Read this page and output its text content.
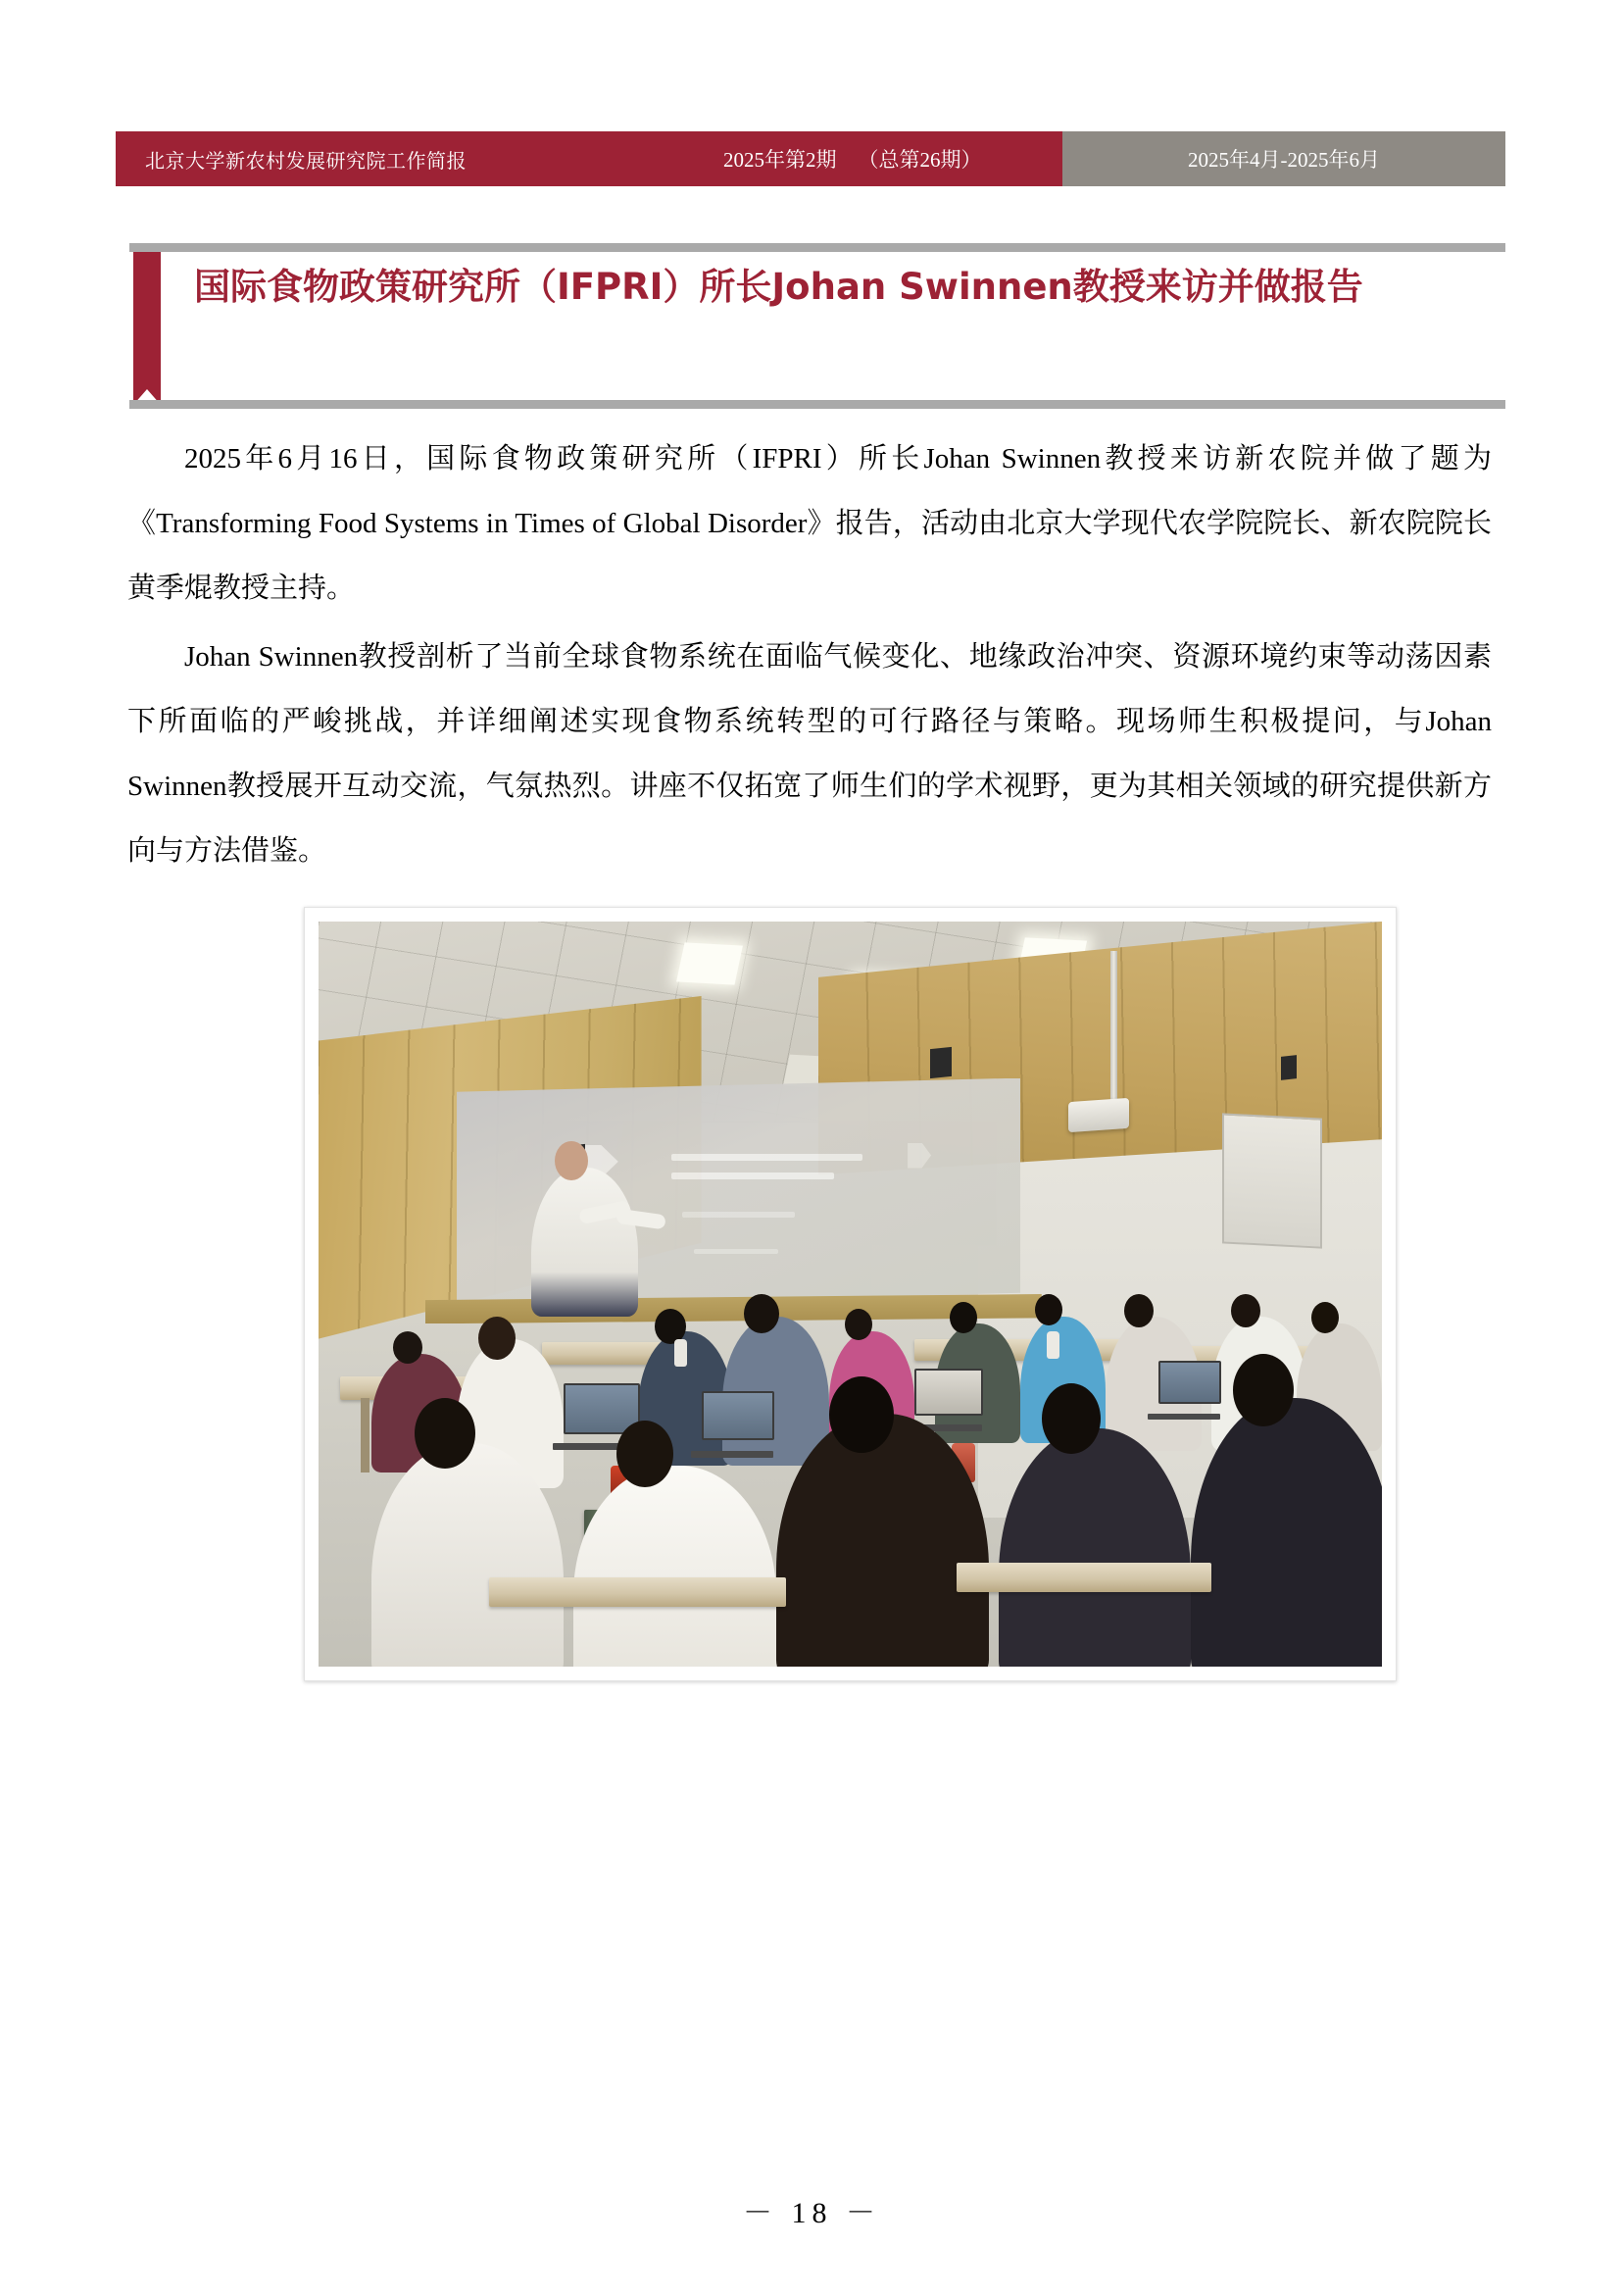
北京大学新农村发展研究院工作简报	2025年第2期 （总第26期）	2025年4月-2025年6月
国际食物政策研究所（IFPRI）所长Johan Swinnen教授来访并做报告

2025年6月16日，国际食物政策研究所（IFPRI）所长Johan Swinnen教授来访新农院并做了题为《Transforming Food Systems in Times of Global Disorder》报告，活动由北京大学现代农学院院长、新农院院长黄季焜教授主持。

Johan Swinnen教授剖析了当前全球食物系统在面临气候变化、地缘政治冲突、资源环境约束等动荡因素下所面临的严峻挑战，并详细阐述实现食物系统转型的可行路径与策略。现场师生积极提问，与Johan Swinnen教授展开互动交流，气氛热烈。讲座不仅拓宽了师生们的学术视野，更为其相关领域的研究提供新方向与方法借鉴。

－ 18 －
